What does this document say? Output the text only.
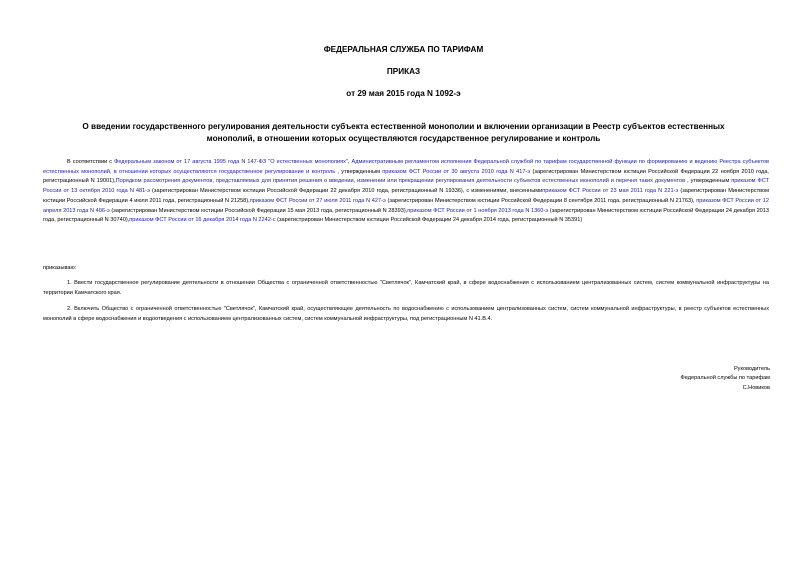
ФЕДЕРАЛЬНАЯ СЛУЖБА ПО ТАРИФАМ
ПРИКАЗ
от 29 мая 2015 года N 1092-э
О введении государственного регулирования деятельности субъекта естественной монополии и включении организации в Реестр субъектов естественных монополий, в отношении которых осуществляются государственное регулирование и контроль
В соответствии с Федеральным законом от 17 августа 1995 года N 147-ФЗ "О естественных монополиях", Административным регламентом исполнения Федеральной службой по тарифам государственной функции по формированию и ведению Реестра субъектов естественных монополий, в отношении которых осуществляются государственное регулирование и контроль , утвержденным приказом ФСТ России от 30 августа 2010 года N 417-э (зарегистрирован Министерством юстиции Российской Федерации 22 ноября 2010 года, регистрационный N 19001),Порядком рассмотрения документов, представляемых для принятия решения о введении, изменении или прекращении регулирования деятельности субъектов естественных монополий и перечня таких документов , утвержденным приказом ФСТ России от 13 октября 2010 года N 481-э (зарегистрирован Министерством юстиции Российской Федерации 22 декабря 2010 года, регистрационный N 19336), с изменениями, внесеннымиприказом ФСТ России от 23 мая 2011 года N 221-э (зарегистрирован Министерством юстиции Российской Федерации 4 июля 2011 года, регистрационный N 21258),приказом ФСТ России от 27 июля 2011 года N 427-э (зарегистрирован Министерством юстиции Российской Федерации 8 сентября 2011 года, регистрационный N 21763), приказом ФСТ России от 12 апреля 2013 года N 406-э (зарегистрирован Министерством юстиции Российской Федерации 15 мая 2013 года, регистрационный N 28393),приказом ФСТ России от 1 ноября 2013 года N 1360-э (зарегистрирован Министерством юстиции Российской Федерации 24 декабря 2013 года, регистрационный N 30740),приказом ФСТ России от 16 декабря 2014 года N 2242-с (зарегистрирован Министерством юстиции Российской Федерации 24 декабря 2014 года, регистрационный N 35391)
приказываю:
1. Ввести государственное регулирование деятельности в отношении Общества с ограниченной ответственностью "Светлячок", Камчатский край, в сфере водоснабжения с использованием централизованных систем, систем коммунальной инфраструктуры на территории Камчатского края.
2. Включить Общество с ограниченной ответственностью "Светлячок", Камчатский край, осуществляющее деятельность по водоснабжению с использованием централизованных систем, систем коммунальной инфраструктуры, в реестр субъектов естественных монополий в сфере водоснабжения и водоотведения с использованием централизованных систем, систем коммунальной инфраструктуры, под регистрационным N 41.В.4.
Руководитель
Федеральной службы по тарифам
С.Новиков
